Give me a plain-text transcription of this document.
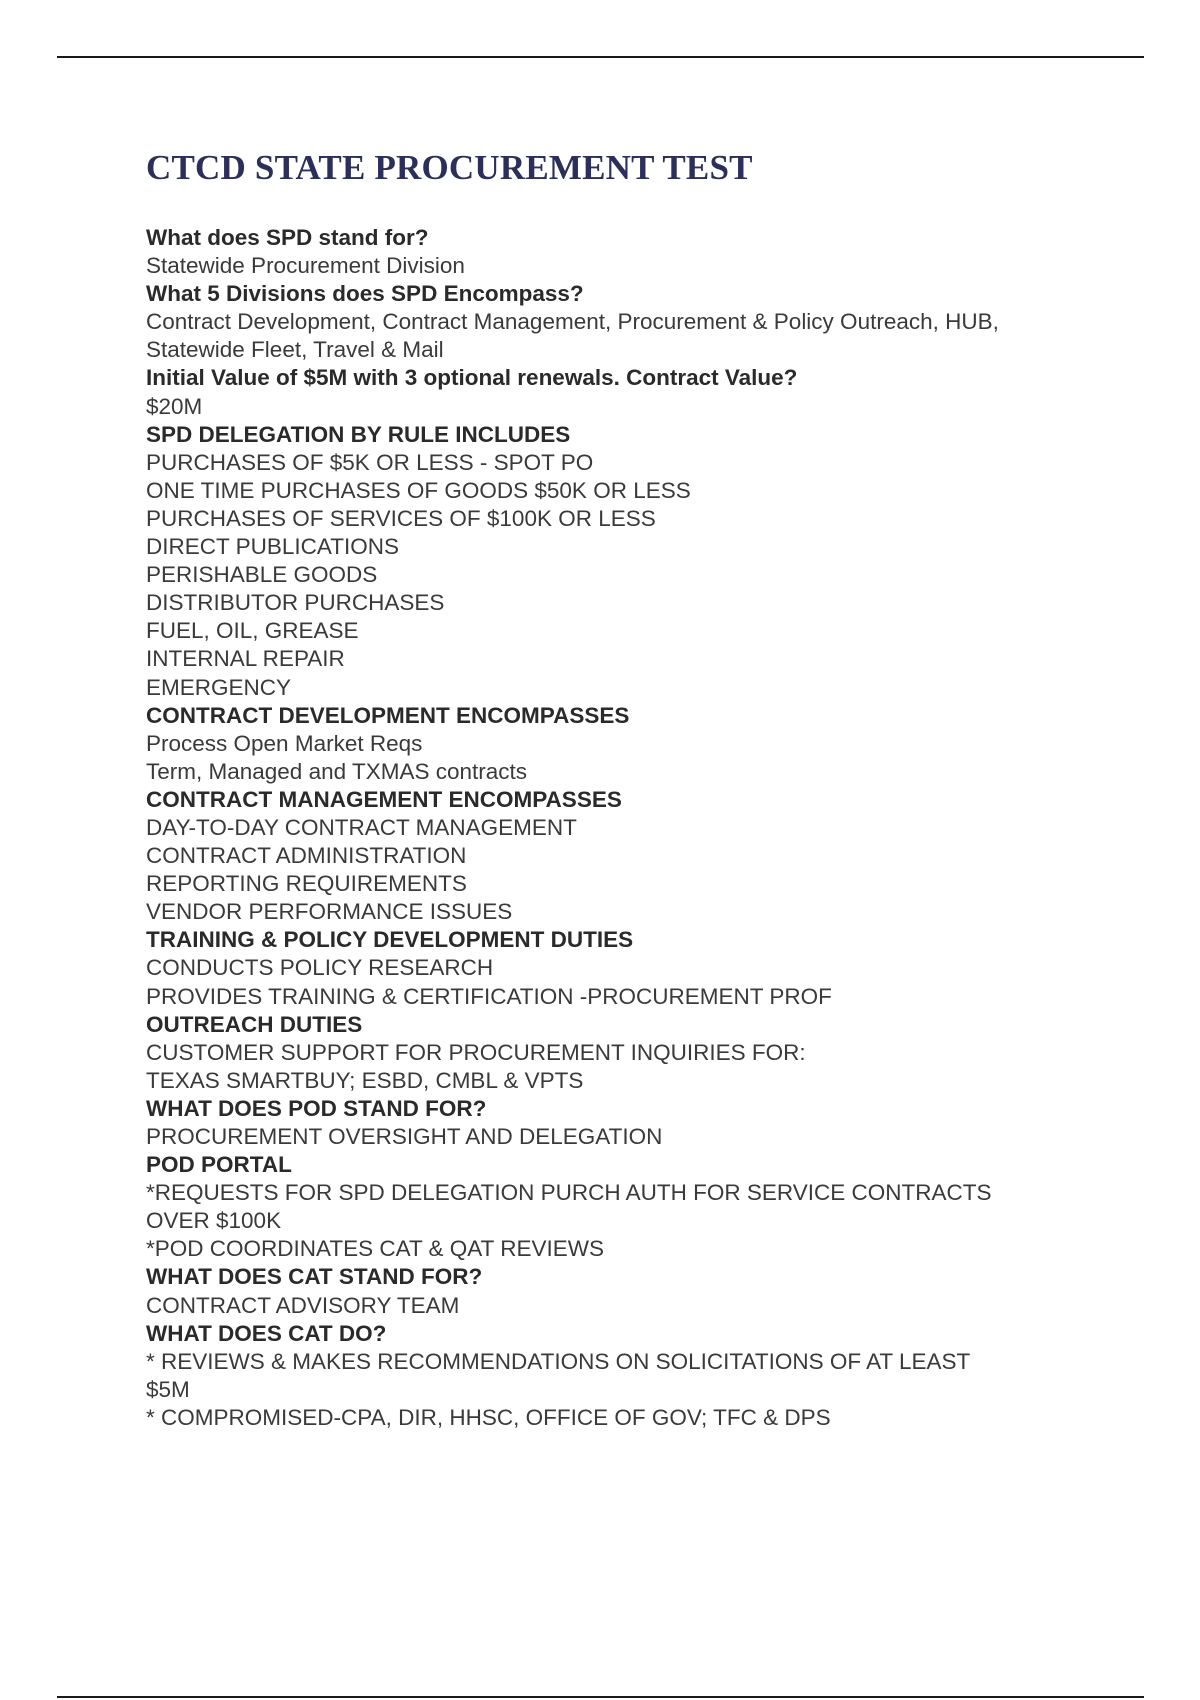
CTCD STATE PROCUREMENT TEST

What does SPD stand for?

Statewide Procurement Division

What 5 Divisions does SPD Encompass?

Contract Development, Contract Management, Procurement & Policy Outreach, HUB,

Statewide Fleet, Travel & Mail

Initial Value of $5M with 3 optional renewals. Contract Value?

$20M

SPD DELEGATION BY RULE INCLUDES

PURCHASES OF $5K OR LESS - SPOT PO

ONE TIME PURCHASES OF GOODS $50K OR LESS

PURCHASES OF SERVICES OF $100K OR LESS

DIRECT PUBLICATIONS

PERISHABLE GOODS

DISTRIBUTOR PURCHASES

FUEL, OIL, GREASE

INTERNAL REPAIR

EMERGENCY

CONTRACT DEVELOPMENT ENCOMPASSES

Process Open Market Reqs

Term, Managed and TXMAS contracts

CONTRACT MANAGEMENT ENCOMPASSES

DAY-TO-DAY CONTRACT MANAGEMENT

CONTRACT ADMINISTRATION

REPORTING REQUIREMENTS

VENDOR PERFORMANCE ISSUES

TRAINING & POLICY DEVELOPMENT DUTIES

CONDUCTS POLICY RESEARCH

PROVIDES TRAINING & CERTIFICATION -PROCUREMENT PROF

OUTREACH DUTIES

CUSTOMER SUPPORT FOR PROCUREMENT INQUIRIES FOR:

TEXAS SMARTBUY; ESBD, CMBL & VPTS

WHAT DOES POD STAND FOR?

PROCUREMENT OVERSIGHT AND DELEGATION

POD PORTAL

*REQUESTS FOR SPD DELEGATION PURCH AUTH FOR SERVICE CONTRACTS

OVER $100K

*POD COORDINATES CAT & QAT REVIEWS

WHAT DOES CAT STAND FOR?

CONTRACT ADVISORY TEAM

WHAT DOES CAT DO?

* REVIEWS & MAKES RECOMMENDATIONS ON SOLICITATIONS OF AT LEAST

$5M

* COMPROMISED-CPA, DIR, HHSC, OFFICE OF GOV; TFC & DPS
